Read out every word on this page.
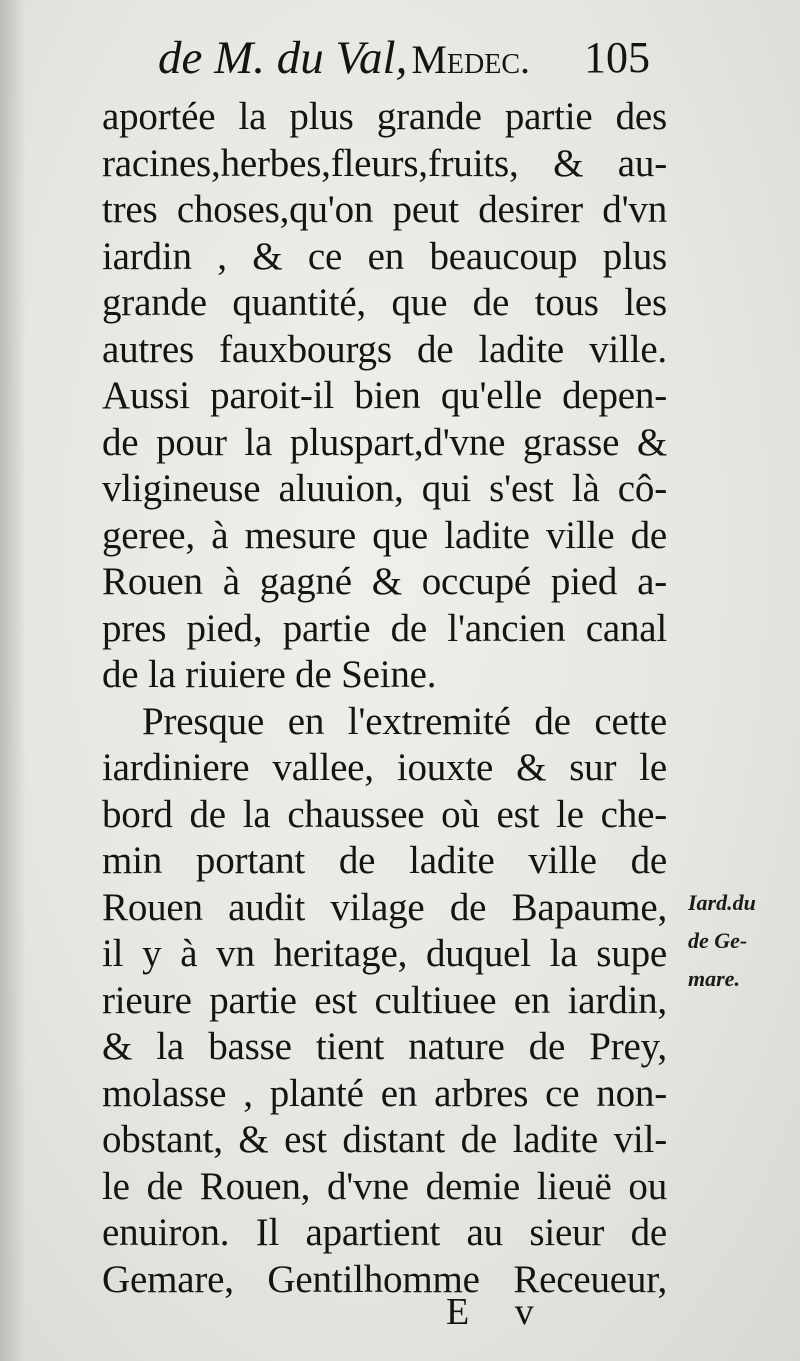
de M. du Val, Medec. 105
aportée la plus grande partie des
racines,herbes,fleurs,fruits, & au-
tres choses,qu'on peut desirer d'vn
iardin , & ce en beaucoup plus
grande quantité, que de tous les
autres fauxbourgs de ladite ville.
Aussi paroit-il bien qu'elle depen-
de pour la pluspart,d'vne grasse &
vligineuse aluuion, qui s'est là cô-
geree, à mesure que ladite ville de
Rouen à gagné & occupé pied a-
pres pied, partie de l'ancien canal
de la riuiere de Seine.
Presque en l'extremité de cette
iardiniere vallee, iouxte & sur le
bord de la chaussee où est le che-
min portant de ladite ville de
Rouen audit vilage de Bapaume,
il y à vn heritage, duquel la supe
rieure partie est cultiuee en iardin,
& la basse tient nature de Prey,
molasse , planté en arbres ce non-
obstant, & est distant de ladite vil-
le de Rouen, d'vne demie lieuë ou
enuiron. Il apartient au sieur de
Gemare, Gentilhomme Receueur,
Iard.du
de Ge-
mare.
E v
